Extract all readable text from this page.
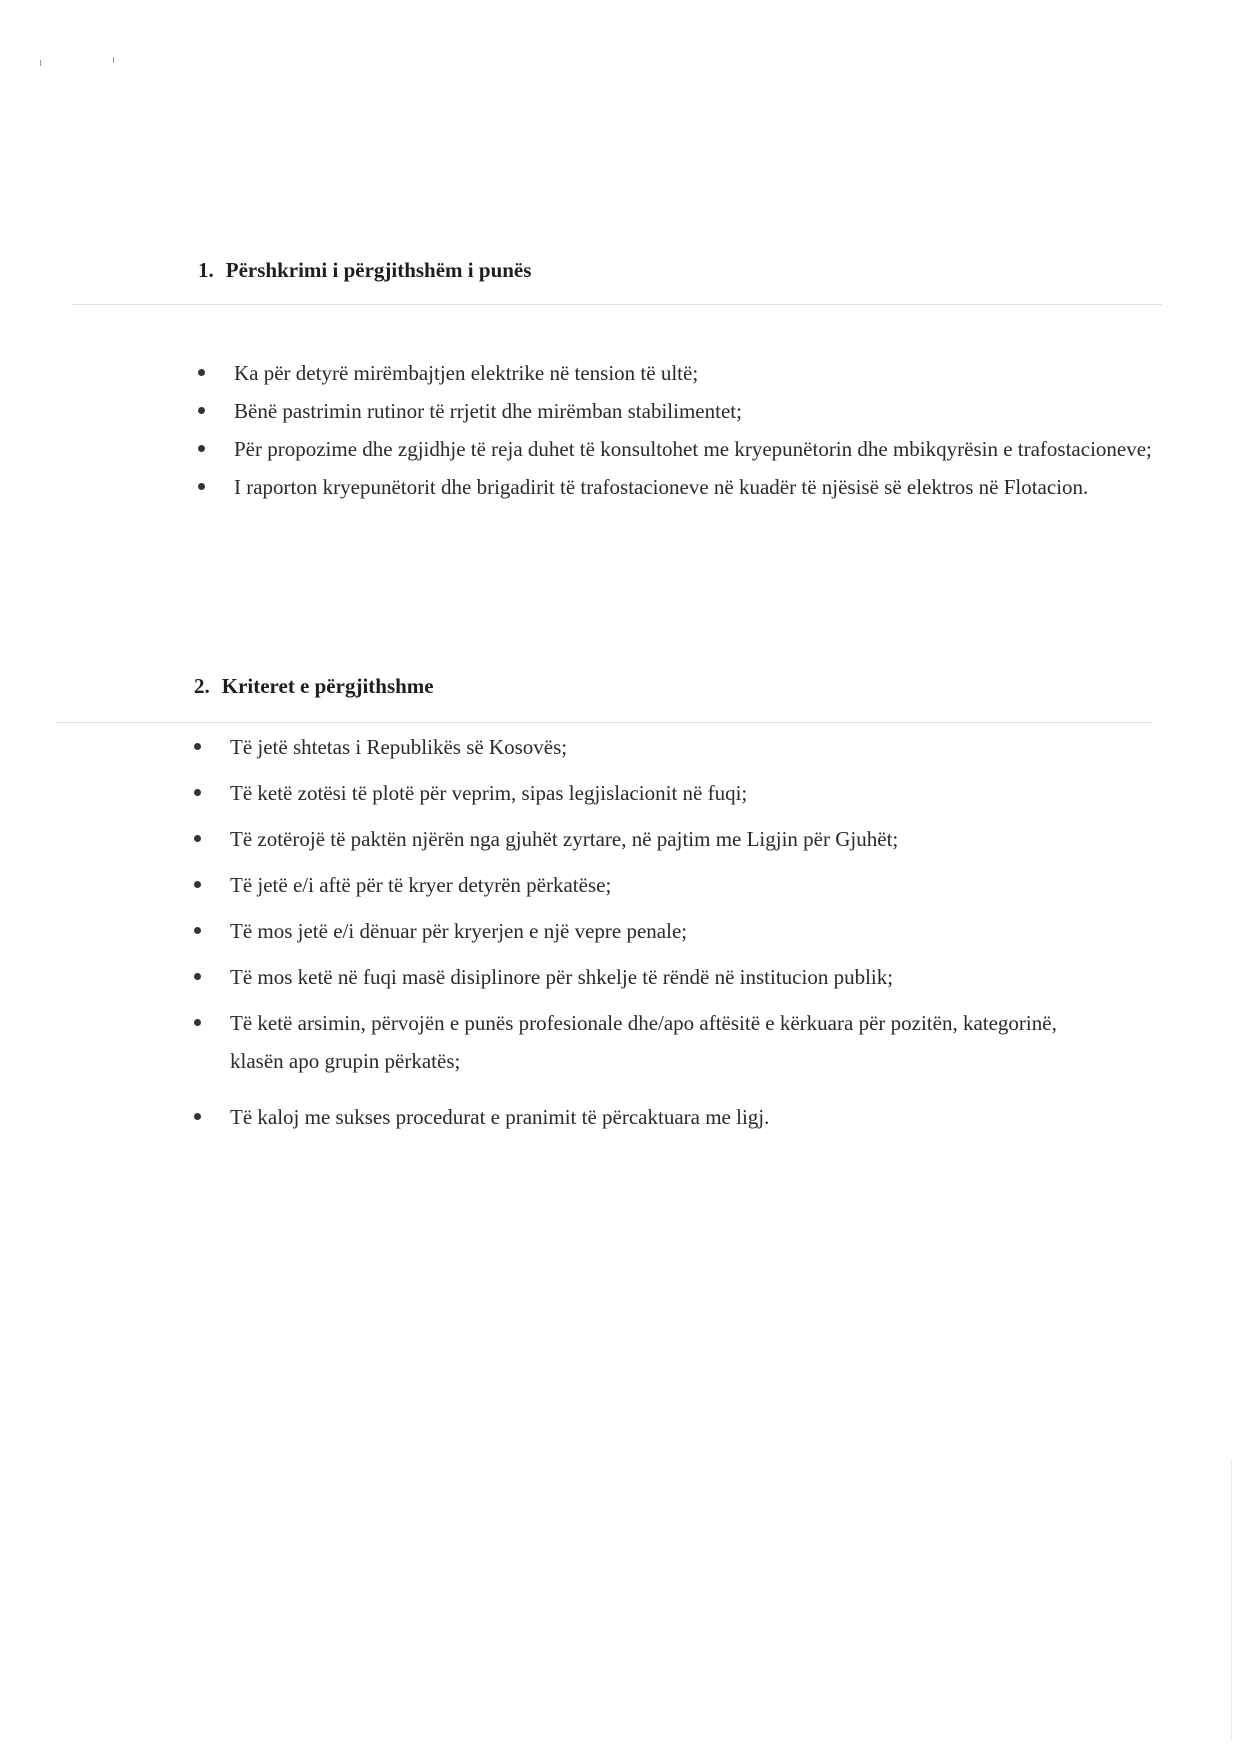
1. Përshkrimi i përgjithshëm i punës
Ka për detyrë mirëmbajtjen elektrike në tension të ultë;
Bënë pastrimin rutinor të rrjetit dhe mirëmban stabilimentet;
Për propozime dhe zgjidhje të reja duhet të konsultohet me kryepunëtorin dhe mbikqyrësin e trafostacioneve;
I raporton kryepunëtorit dhe brigadirit të trafostacioneve në kuadër të njësisë së elektros në Flotacion.
2. Kriteret e përgjithshme
Të jetë shtetas i Republikës së Kosovës;
Të ketë zotësi të plotë për veprim, sipas legjislacionit në fuqi;
Të zotërojë të paktën njërën nga gjuhët zyrtare, në pajtim me Ligjin për Gjuhët;
Të jetë e/i aftë për të kryer detyrën përkatëse;
Të mos jetë e/i dënuar për kryerjen e një vepre penale;
Të mos ketë në fuqi masë disiplinore për shkelje të rëndë në institucion publik;
Të ketë arsimin, përvojën e punës profesionale dhe/apo aftësitë e kërkuara për pozitën, kategorinë, klasën apo grupin përkatës;
Të kaloj me sukses procedurat e pranimit të përcaktuara me ligj.
